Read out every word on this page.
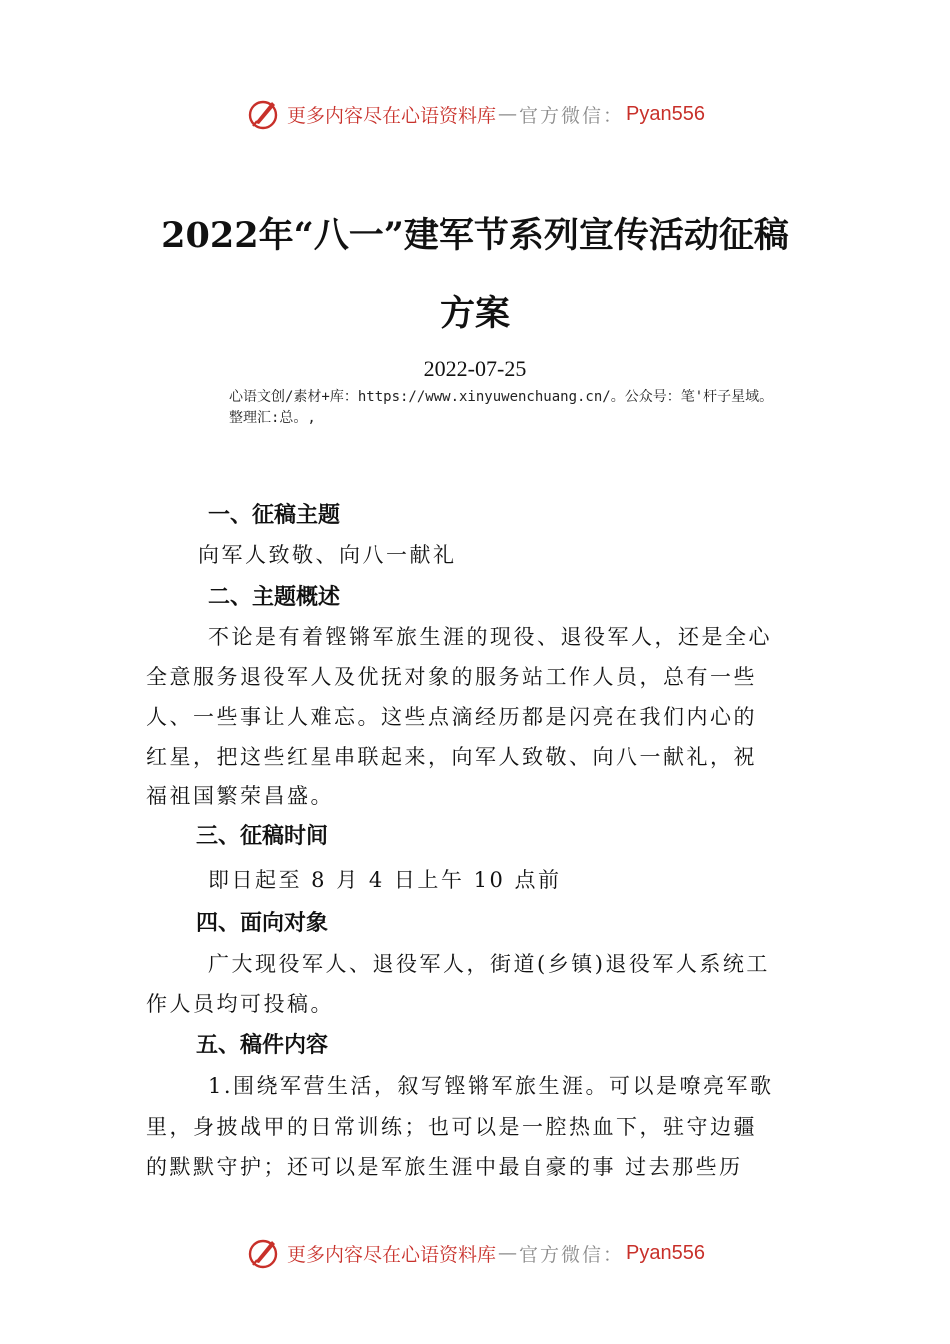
更多内容尽在心语资料库 — 官方微信： Pyan556
2022年“八一”建军节系列宣传活动征稿
方案
2022-07-25
心语文创/素材+库：https://www.xinyuwenchuang.cn/。公众号：笔'杆子星域。
整理汇:总。,
一、征稿主题
向军人致敬、向八一献礼
二、主题概述
不论是有着铿锵军旅生涯的现役、退役军人，还是全心
全意服务退役军人及优抚对象的服务站工作人员，总有一些
人、一些事让人难忘。这些点滴经历都是闪亮在我们内心的
红星，把这些红星串联起来，向军人致敬、向八一献礼，祝
福祖国繁荣昌盛。
三、征稿时间
即日起至 8 月 4 日上午 10 点前
四、面向对象
广大现役军人、退役军人，街道(乡镇)退役军人系统工
作人员均可投稿。
五、稿件内容
1.围绕军营生活，叙写铿锵军旅生涯。可以是嘹亮军歌
里，身披战甲的日常训练；也可以是一腔热血下，驻守边疆
的默默守护；还可以是军旅生涯中最自豪的事 过去那些历
更多内容尽在心语资料库 — 官方微信： Pyan556
